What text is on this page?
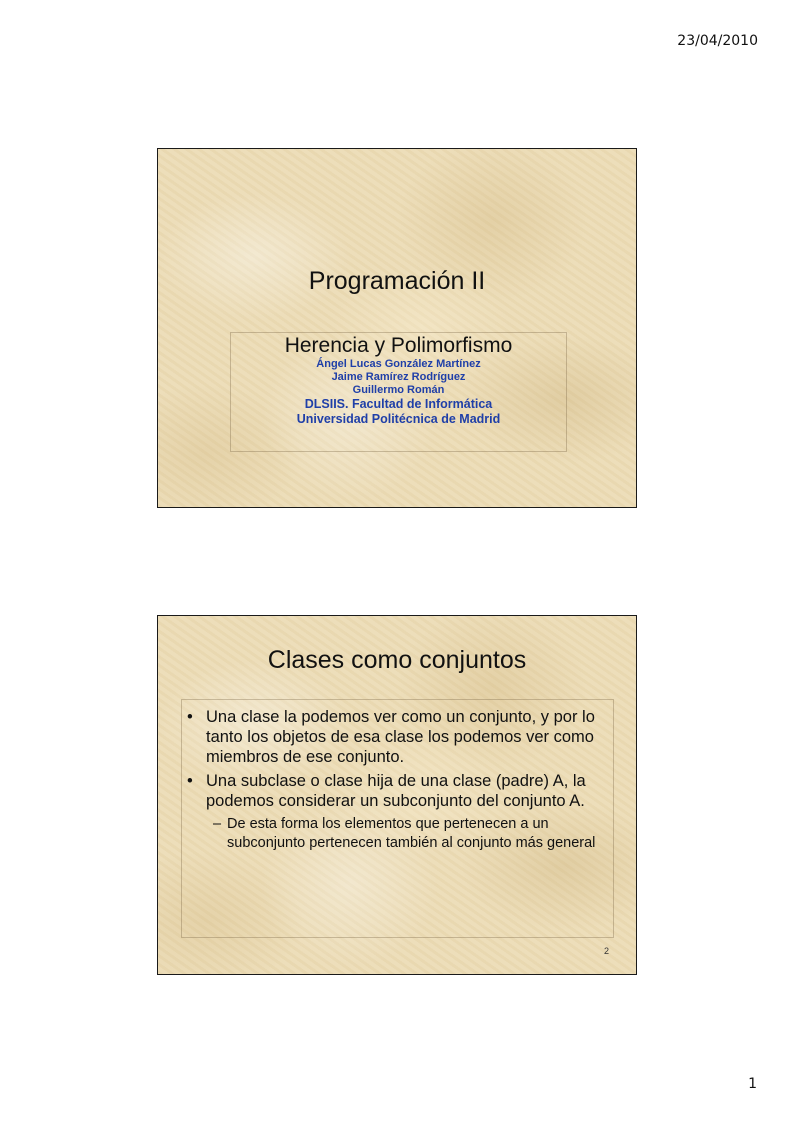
23/04/2010
Programación II
Herencia y Polimorfismo
Ángel Lucas González Martínez
Jaime Ramírez Rodríguez
Guillermo Román
DLSIIS. Facultad de Informática
Universidad Politécnica de Madrid
Clases como conjuntos
• Una clase la podemos ver como un conjunto, y por lo tanto los objetos de esa clase los podemos ver como miembros de ese conjunto.
• Una subclase o clase hija de una clase (padre) A, la podemos considerar un subconjunto del conjunto A.
– De esta forma los elementos que pertenecen a un subconjunto pertenecen también al conjunto más general
2
1
